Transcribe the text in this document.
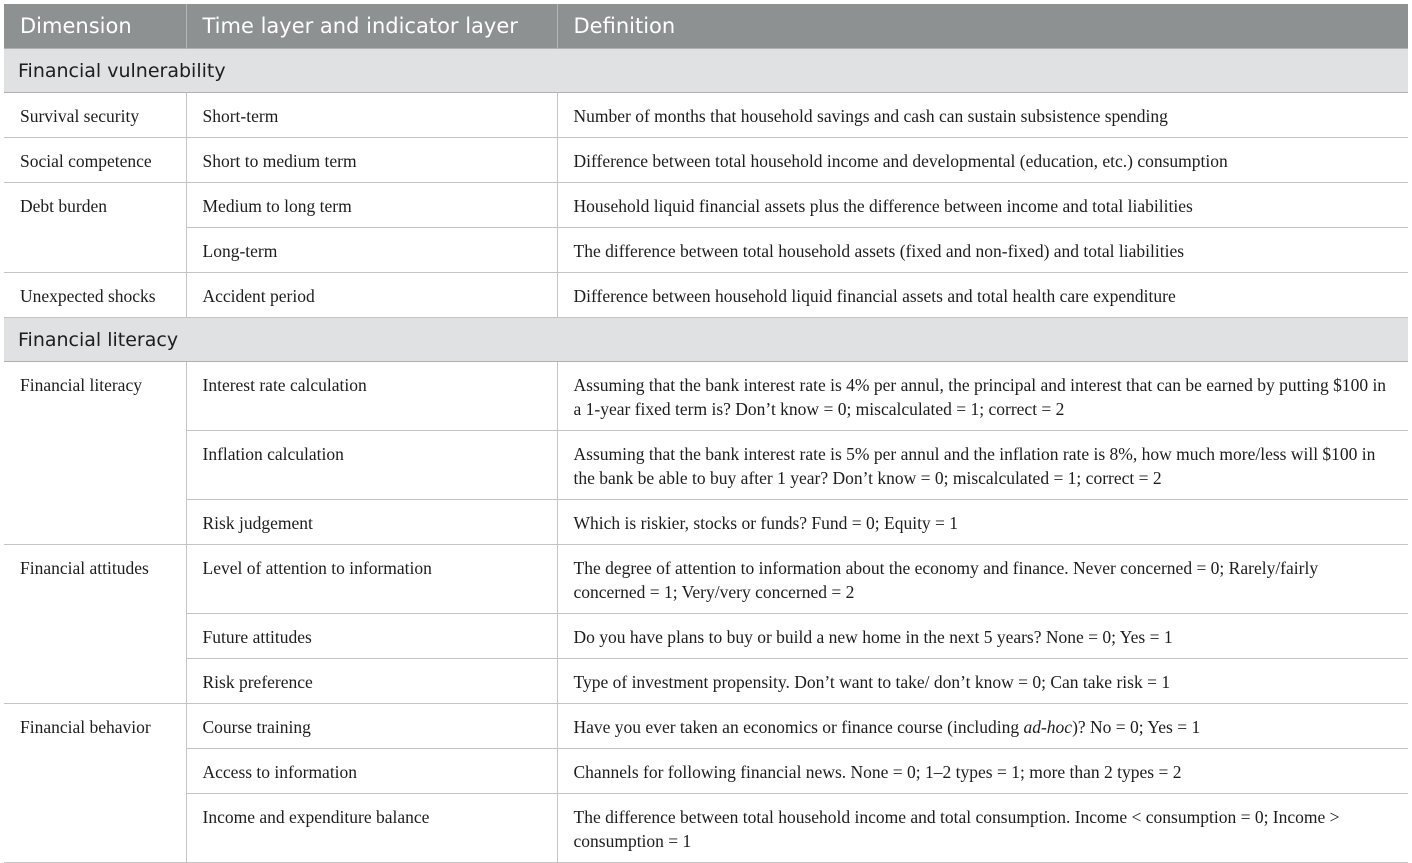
Dimension	Time layer and indicator layer	Definition
Financial vulnerability		
Survival security	Short-term	Number of months that household savings and cash can sustain subsistence spending
Social competence	Short to medium term	Difference between total household income and developmental (education, etc.) consumption
Debt burden	Medium to long term	Household liquid financial assets plus the difference between income and total liabilities
	Long-term	The difference between total household assets (fixed and non-fixed) and total liabilities
Unexpected shocks	Accident period	Difference between household liquid financial assets and total health care expenditure
Financial literacy		
Financial literacy	Interest rate calculation	Assuming that the bank interest rate is 4% per annul, the principal and interest that can be earned by putting $100 in a 1-year fixed term is? Don’t know = 0; miscalculated = 1; correct = 2
	Inflation calculation	Assuming that the bank interest rate is 5% per annul and the inflation rate is 8%, how much more/less will $100 in the bank be able to buy after 1 year? Don’t know = 0; miscalculated = 1; correct = 2
	Risk judgement	Which is riskier, stocks or funds? Fund = 0; Equity = 1
Financial attitudes	Level of attention to information	The degree of attention to information about the economy and finance. Never concerned = 0; Rarely/fairly concerned = 1; Very/very concerned = 2
	Future attitudes	Do you have plans to buy or build a new home in the next 5 years? None = 0; Yes = 1
	Risk preference	Type of investment propensity. Don’t want to take/ don’t know = 0; Can take risk = 1
Financial behavior	Course training	Have you ever taken an economics or finance course (including ad-hoc)? No = 0; Yes = 1
	Access to information	Channels for following financial news. None = 0; 1–2 types = 1; more than 2 types = 2
	Income and expenditure balance	The difference between total household income and total consumption. Income < consumption = 0; Income > consumption = 1
